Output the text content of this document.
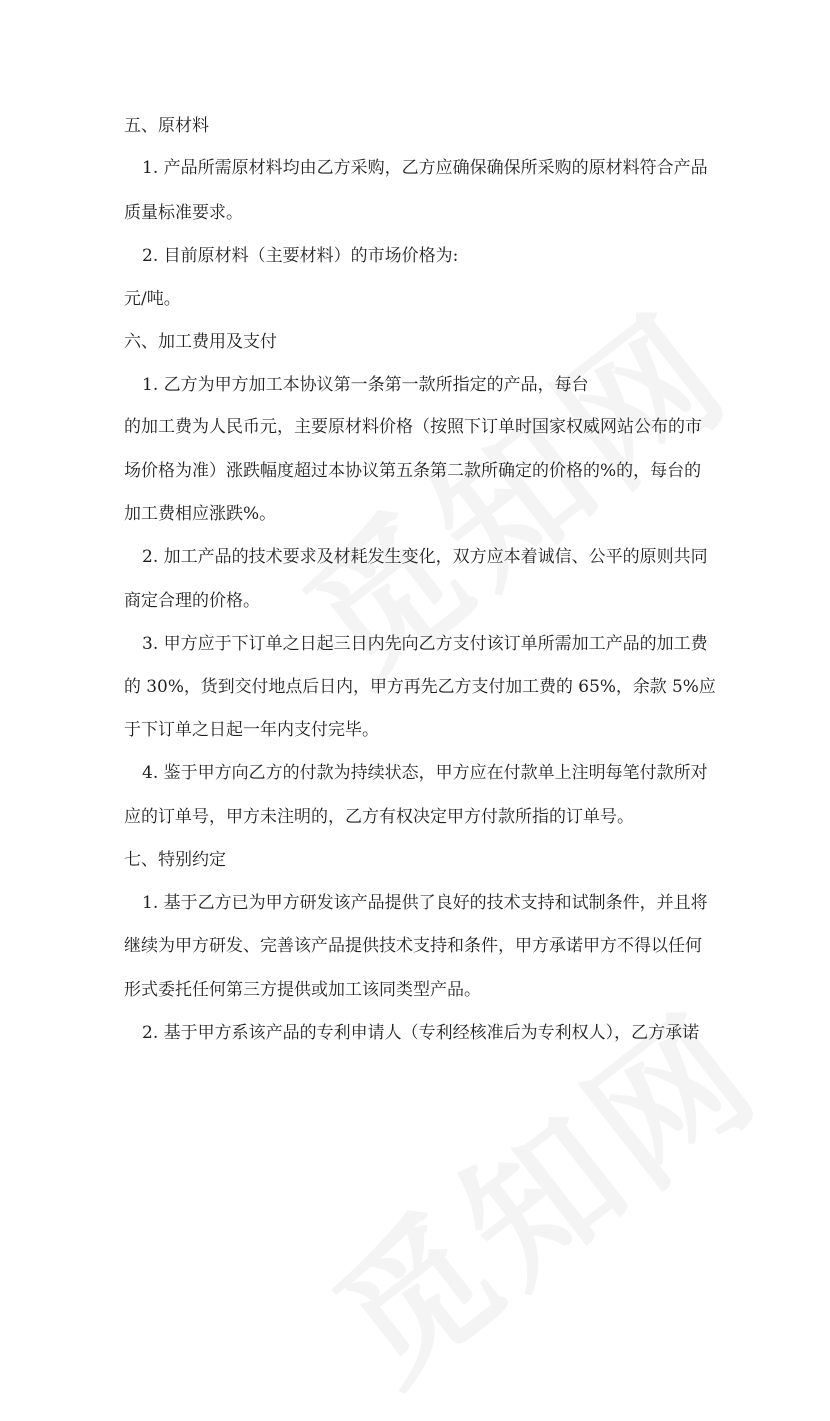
五、原材料

1. 产品所需原材料均由乙方采购，乙方应确保确保所采购的原材料符合产品

质量标准要求。

2. 目前原材料（主要材料）的市场价格为:

元/吨。

六、加工费用及支付

1. 乙方为甲方加工本协议第一条第一款所指定的产品，每台

的加工费为人民币元，主要原材料价格（按照下订单时国家权威网站公布的市

场价格为准）涨跌幅度超过本协议第五条第二款所确定的价格的%的，每台的

加工费相应涨跌%。

2. 加工产品的技术要求及材耗发生变化，双方应本着诚信、公平的原则共同

商定合理的价格。

3. 甲方应于下订单之日起三日内先向乙方支付该订单所需加工产品的加工费

的 30%，货到交付地点后日内，甲方再先乙方支付加工费的 65%，余款 5%应

于下订单之日起一年内支付完毕。

4. 鉴于甲方向乙方的付款为持续状态，甲方应在付款单上注明每笔付款所对

应的订单号，甲方未注明的，乙方有权决定甲方付款所指的订单号。

七、特别约定

1. 基于乙方已为甲方研发该产品提供了良好的技术支持和试制条件，并且将

继续为甲方研发、完善该产品提供技术支持和条件，甲方承诺甲方不得以任何

形式委托任何第三方提供或加工该同类型产品。

2. 基于甲方系该产品的专利申请人（专利经核准后为专利权人），乙方承诺
